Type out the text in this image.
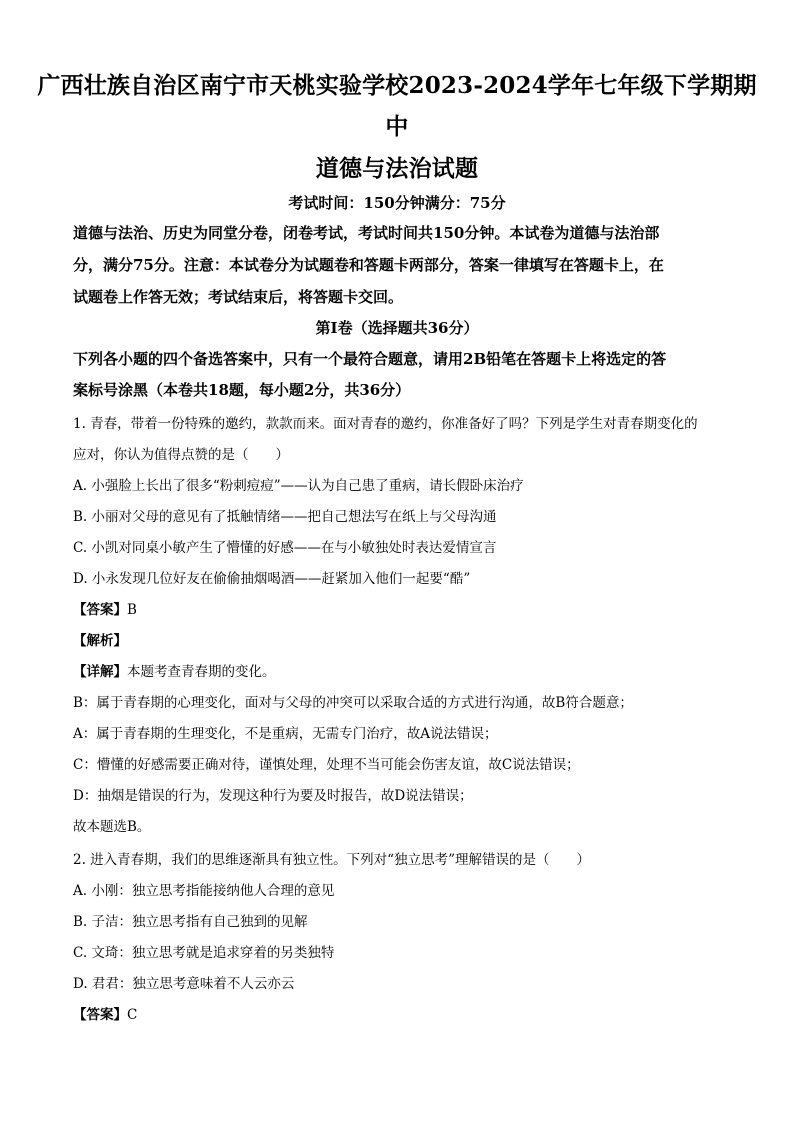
广西壮族自治区南宁市天桃实验学校2023-2024学年七年级下学期期
中
道德与法治试题
考试时间：150分钟满分：75分
道德与法治、历史为同堂分卷，闭卷考试，考试时间共150分钟。本试卷为道德与法治部
分，满分75分。注意：本试卷分为试题卷和答题卡两部分，答案一律填写在答题卡上，在
试题卷上作答无效；考试结束后，将答题卡交回。
第Ⅰ卷（选择题共36分）
下列各小题的四个备选答案中，只有一个最符合题意，请用2B铅笔在答题卡上将选定的答
案标号涂黑（本卷共18题，每小题2分，共36分）
1. 青春，带着一份特殊的邀约，款款而来。面对青春的邀约，你准备好了吗？下列是学生对青春期变化的
应对，你认为值得点赞的是（　　）
A. 小强脸上长出了很多“粉刺痘痘”——认为自己患了重病，请长假卧床治疗
B. 小丽对父母的意见有了抵触情绪——把自己想法写在纸上与父母沟通
C. 小凯对同桌小敏产生了懵懂的好感——在与小敏独处时表达爱情宣言
D. 小永发现几位好友在偷偷抽烟喝酒——赶紧加入他们一起要“酷”
【答案】B
【解析】
【详解】本题考查青春期的变化。
B：属于青春期的心理变化，面对与父母的冲突可以采取合适的方式进行沟通，故B符合题意；
A：属于青春期的生理变化，不是重病，无需专门治疗，故A说法错误；
C：懵懂的好感需要正确对待，谨慎处理，处理不当可能会伤害友谊，故C说法错误；
D：抽烟是错误的行为，发现这种行为要及时报告，故D说法错误；
故本题选B。
2. 进入青春期，我们的思维逐渐具有独立性。下列对“独立思考”理解错误的是（　　）
A. 小刚：独立思考指能接纳他人合理的意见
B. 子洁：独立思考指有自己独到的见解
C. 文琦：独立思考就是追求穿着的另类独特
D. 君君：独立思考意味着不人云亦云
【答案】C
